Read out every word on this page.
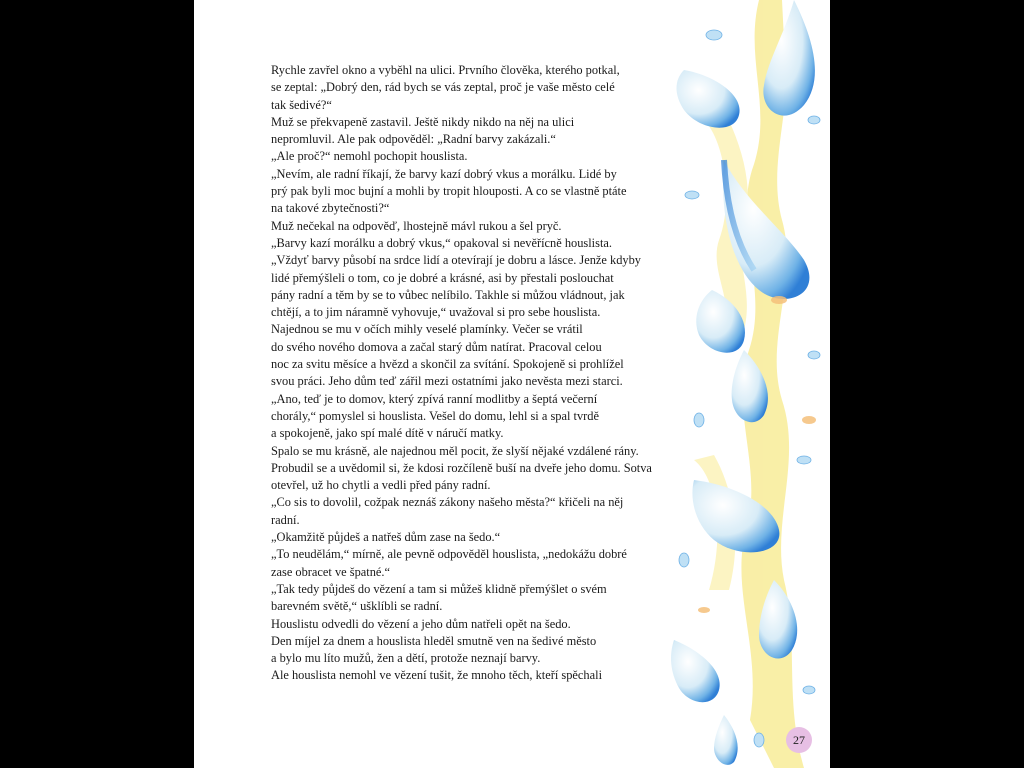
Rychle zavřel okno a vyběhl na ulici. Prvního člověka, kterého potkal,
se zeptal: „Dobrý den, rád bych se vás zeptal, proč je vaše město celé
tak šedivé?“
Muž se překvapeně zastavil. Ještě nikdy nikdo na něj na ulici
nepromluvil. Ale pak odpověděl: „Radní barvy zakázali.“
„Ale proč?“ nemohl pochopit houslista.
„Nevím, ale radní říkají, že barvy kazí dobrý vkus a morálku. Lidé by
prý pak byli moc bujní a mohli by tropit hlouposti. A co se vlastně ptáte
na takové zbytečnosti?“
Muž nečekal na odpověď, lhostejně mávl rukou a šel pryč.
„Barvy kazí morálku a dobrý vkus,“ opakoval si nevěřícně houslista.
„Vždyť barvy působí na srdce lidí a otevírají je dobru a lásce. Jenže kdyby
lidé přemýšleli o tom, co je dobré a krásné, asi by přestali poslouchat
pány radní a těm by se to vůbec nelíbilo. Takhle si můžou vládnout, jak
chtějí, a to jim náramně vyhovuje,“ uvažoval si pro sebe houslista.
Najednou se mu v očích mihly veselé plamínky. Večer se vrátil
do svého nového domova a začal starý dům natírat. Pracoval celou
noc za svitu měsíce a hvězd a skončil za svítání. Spokojeně si prohlížel
svou práci. Jeho dům teď zářil mezi ostatními jako nevěsta mezi starci.
„Ano, teď je to domov, který zpívá ranní modlitby a šeptá večerní
chorály,“ pomyslel si houslista. Vešel do domu, lehl si a spal tvrdě
a spokojeně, jako spí malé dítě v náručí matky.
Spalo se mu krásně, ale najednou měl pocit, že slyší nějaké vzdálené rány.
Probudil se a uvědomil si, že kdosi rozčíleně buší na dveře jeho domu. Sotva
otevřel, už ho chytli a vedli před pány radní.
„Co sis to dovolil, cožpak neznáš zákony našeho města?“ křičeli na něj
radní.
„Okamžitě půjdeš a natřeš dům zase na šedo.“
„To neudělám,“ mírně, ale pevně odpověděl houslista, „nedokážu dobré
zase obracet ve špatné.“
„Tak tedy půjdeš do vězení a tam si můžeš klidně přemýšlet o svém
barevném světě,“ ušklíbli se radní.
Houslistu odvedli do vězení a jeho dům natřeli opět na šedo.
Den míjel za dnem a houslista hleděl smutně ven na šedivé město
a bylo mu líto mužů, žen a dětí, protože neznají barvy.
Ale houslista nemohl ve vězení tušit, že mnoho těch, kteří spěchali
27
